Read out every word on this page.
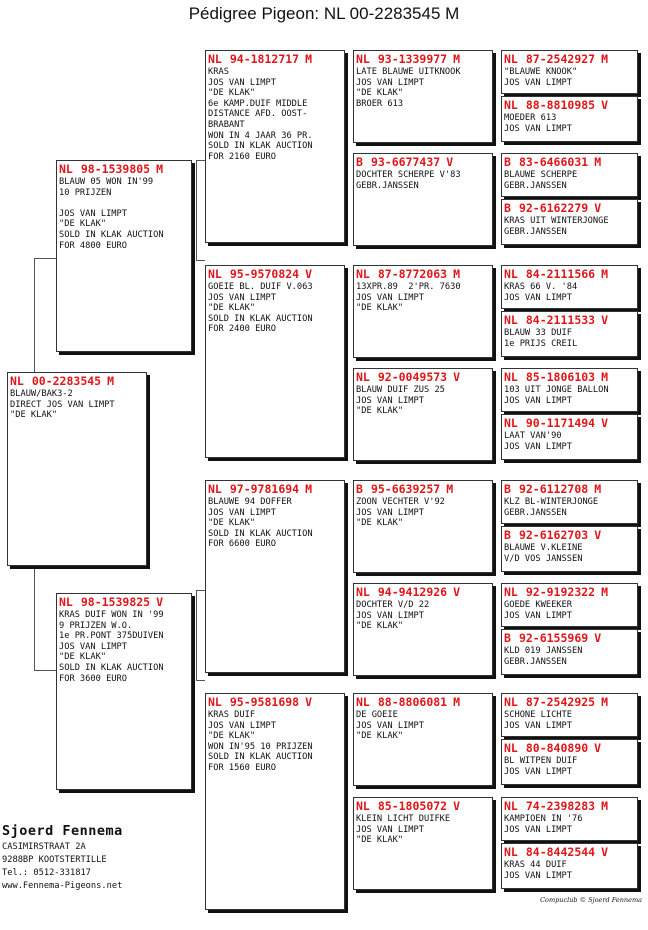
Pédigree Pigeon: NL 00-2283545 M
NL 00-2283545 M
BLAUW/BAK3-2
DIRECT JOS VAN LIMPT
"DE KLAK"
NL 98-1539805 M
BLAUW 05 WON IN'99
10 PRIJZEN

JOS VAN LIMPT
"DE KLAK"
SOLD IN KLAK AUCTION
FOR 4800 EURO
NL 98-1539825 V
KRAS DUIF WON IN '99
9 PRIJZEN W.O.
1e PR.PONT 375DUIVEN
JOS VAN LIMPT
"DE KLAK"
SOLD IN KLAK AUCTION
FOR 3600 EURO
NL 94-1812717 M
KRAS
JOS VAN LIMPT
"DE KLAK"
6e KAMP.DUIF MIDDLE
DISTANCE AFD. OOST-
BRABANT
WON IN 4 JAAR 36 PR.
SOLD IN KLAK AUCTION
FOR 2160 EURO
NL 95-9570824 V
GOEIE BL. DUIF V.063
JOS VAN LIMPT
"DE KLAK"
SOLD IN KLAK AUCTION
FOR 2400 EURO
NL 97-9781694 M
BLAUWE 94 DOFFER
JOS VAN LIMPT
"DE KLAK"
SOLD IN KLAK AUCTION
FOR 6600 EURO
NL 95-9581698 V
KRAS DUIF
JOS VAN LIMPT
"DE KLAK"
WON IN'95 10 PRIJZEN
SOLD IN KLAK AUCTION
FOR 1560 EURO
NL 93-1339977 M
LATE BLAUWE UITKNOOK
JOS VAN LIMPT
"DE KLAK"
BROER 613
B 93-6677437 V
DOCHTER SCHERPE V'83
GEBR.JANSSEN
NL 87-8772063 M
13XPR.89  2'PR. 7630
JOS VAN LIMPT
"DE KLAK"
NL 92-0049573 V
BLAUW DUIF ZUS 25
JOS VAN LIMPT
"DE KLAK"
B 95-6639257 M
ZOON VECHTER V'92
JOS VAN LIMPT
"DE KLAK"
NL 94-9412926 V
DOCHTER V/D 22
JOS VAN LIMPT
"DE KLAK"
NL 88-8806081 M
DE GOEIE
JOS VAN LIMPT
"DE KLAK"
NL 85-1805072 V
KLEIN LICHT DUIFKE
JOS VAN LIMPT
"DE KLAK"
NL 87-2542927 M
"BLAUWE KNOOK"
JOS VAN LIMPT
NL 88-8810985 V
MOEDER 613
JOS VAN LIMPT
B 83-6466031 M
BLAUWE SCHERPE
GEBR.JANSSEN
B 92-6162279 V
KRAS UIT WINTERJONGE
GEBR.JANSSEN
NL 84-2111566 M
KRAS 66 V. '84
JOS VAN LIMPT
NL 84-2111533 V
BLAUW 33 DUIF
1e PRIJS CREIL
NL 85-1806103 M
103 UIT JONGE BALLON
JOS VAN LIMPT
NL 90-1171494 V
LAAT VAN'90
JOS VAN LIMPT
B 92-6112708 M
KLZ BL-WINTERJONGE
GEBR.JANSSEN
B 92-6162703 V
BLAUWE V.KLEINE
V/D VOS JANSSEN
NL 92-9192322 M
GOEDE KWEEKER
JOS VAN LIMPT
B 92-6155969 V
KLD 019 JANSSEN
GEBR.JANSSEN
NL 87-2542925 M
SCHONE LICHTE
JOS VAN LIMPT
NL 80-840890 V
BL WITPEN DUIF
JOS VAN LIMPT
NL 74-2398283 M
KAMPIOEN IN '76
JOS VAN LIMPT
NL 84-8442544 V
KRAS 44 DUIF
JOS VAN LIMPT
Sjoerd Fennema
CASIMIRSTRAAT 2A
9288BP KOOTSTERTILLE
Tel.: 0512-331817
www.Fennema-Pigeons.net
Compuclub © Sjoerd Fennema
